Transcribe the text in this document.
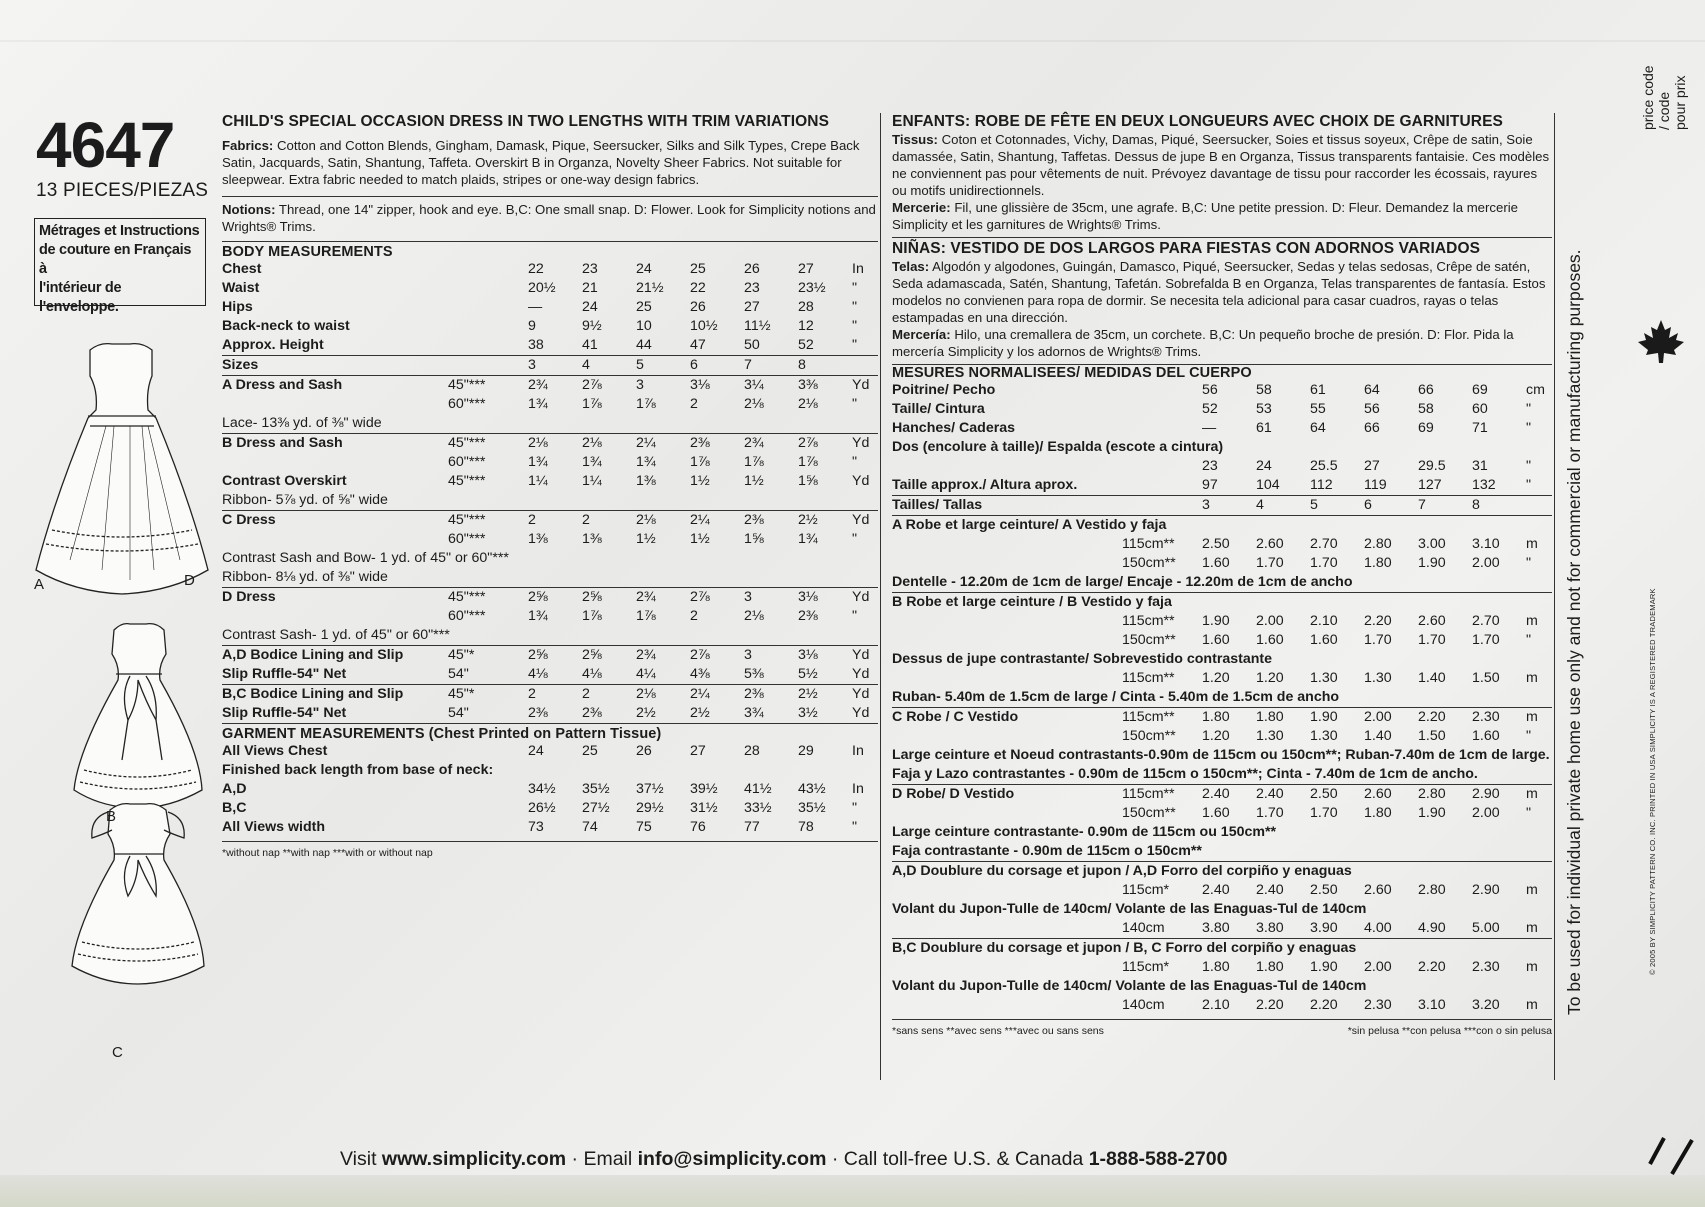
4647
13 PIECES/PIEZAS
Métrages et Instructions
de couture en Français à
l'intérieur de
l'enveloppe.
A	D
B
C
CHILD'S SPECIAL OCCASION DRESS IN TWO LENGTHS WITH TRIM VARIATIONS
Fabrics: Cotton and Cotton Blends, Gingham, Damask, Pique, Seersucker, Silks and Silk Types, Crepe Back Satin, Jacquards, Satin, Shantung, Taffeta. Overskirt B in Organza, Novelty Sheer Fabrics. Not suitable for sleepwear. Extra fabric needed to match plaids, stripes or one-way design fabrics.
Notions: Thread, one 14" zipper, hook and eye. B,C: One small snap. D: Flower. Look for Simplicity notions and Wrights® Trims.
BODY MEASUREMENTS
Chest		22	23	24	25	26	27	In
Waist		20½	21	21½	22	23	23½	"
Hips		—	24	25	26	27	28	"
Back-neck to waist		9	9½	10	10½	11½	12	"
Approx. Height		38	41	44	47	50	52	"
Sizes		3	4	5	6	7	8	
A Dress and Sash	45"***	2¾	2⅞	3	3⅛	3¼	3⅜	Yd
	60"***	1¾	1⅞	1⅞	2	2⅛	2⅛	"
Lace- 13⅜ yd. of ⅜" wide								
B Dress and Sash	45"***	2⅛	2⅛	2¼	2⅜	2¾	2⅞	Yd
	60"***	1¾	1¾	1¾	1⅞	1⅞	1⅞	"
Contrast Overskirt	45"***	1¼	1¼	1⅜	1½	1½	1⅝	Yd
Ribbon- 5⅞ yd. of ⅝" wide								
C Dress	45"***	2	2	2⅛	2¼	2⅜	2½	Yd
	60"***	1⅜	1⅜	1½	1½	1⅝	1¾	"
Contrast Sash and Bow- 1 yd. of 45" or 60"***								
Ribbon- 8⅛ yd. of ⅜" wide								
D Dress	45"***	2⅝	2⅝	2¾	2⅞	3	3⅛	Yd
	60"***	1¾	1⅞	1⅞	2	2⅛	2⅜	"
Contrast Sash- 1 yd. of 45" or 60"***								
A,D Bodice Lining and Slip	45"*	2⅝	2⅝	2¾	2⅞	3	3⅛	Yd
Slip Ruffle-54" Net	54"	4⅛	4⅛	4¼	4⅜	5⅜	5½	Yd
B,C Bodice Lining and Slip	45"*	2	2	2⅛	2¼	2⅜	2½	Yd
Slip Ruffle-54" Net	54"	2⅜	2⅜	2½	2½	3¾	3½	Yd
GARMENT MEASUREMENTS (Chest Printed on Pattern Tissue)
All Views Chest		24	25	26	27	28	29	In
Finished back length from base of neck:								
A,D		34½	35½	37½	39½	41½	43½	In
B,C		26½	27½	29½	31½	33½	35½	"
All Views width		73	74	75	76	77	78	"
*without nap **with nap ***with or without nap
ENFANTS: ROBE DE FÊTE EN DEUX LONGUEURS AVEC CHOIX DE GARNITURES
Tissus: Coton et Cotonnades, Vichy, Damas, Piqué, Seersucker, Soies et tissus soyeux, Crêpe de satin, Soie damassée, Satin, Shantung, Taffetas. Dessus de jupe B en Organza, Tissus transparents fantaisie. Ces modèles ne conviennent pas pour vêtements de nuit. Prévoyez davantage de tissu pour raccorder les écossais, rayures ou motifs unidirectionnels.
Mercerie: Fil, une glissière de 35cm, une agrafe. B,C: Une petite pression. D: Fleur. Demandez la mercerie Simplicity et les garnitures de Wrights® Trims.
NIÑAS: VESTIDO DE DOS LARGOS PARA FIESTAS CON ADORNOS VARIADOS
Telas: Algodón y algodones, Guingán, Damasco, Piqué, Seersucker, Sedas y telas sedosas, Crêpe de satén, Seda adamascada, Satén, Shantung, Tafetán. Sobrefalda B en Organza, Telas transparentes de fantasía. Estos modelos no convienen para ropa de dormir. Se necesita tela adicional para casar cuadros, rayas o telas estampadas en una dirección.
Mercería: Hilo, una cremallera de 35cm, un corchete. B,C: Un pequeño broche de presión. D: Flor. Pida la mercería Simplicity y los adornos de Wrights® Trims.
MESURES NORMALISEES/ MEDIDAS DEL CUERPO
Poitrine/ Pecho		56	58	61	64	66	69	cm
Taille/ Cintura		52	53	55	56	58	60	"
Hanches/ Caderas		—	61	64	66	69	71	"
Dos (encolure à taille)/ Espalda (escote a cintura)								
		23	24	25.5	27	29.5	31	"
Taille approx./ Altura aprox.		97	104	112	119	127	132	"
Tailles/ Tallas		3	4	5	6	7	8	
A Robe et large ceinture/ A Vestido y faja								
	115cm**	2.50	2.60	2.70	2.80	3.00	3.10	m
	150cm**	1.60	1.70	1.70	1.80	1.90	2.00	"
Dentelle - 12.20m de 1cm de large/ Encaje - 12.20m de 1cm de ancho								
B Robe et large ceinture / B Vestido y faja								
	115cm**	1.90	2.00	2.10	2.20	2.60	2.70	m
	150cm**	1.60	1.60	1.60	1.70	1.70	1.70	"
Dessus de jupe contrastante/ Sobrevestido contrastante								
	115cm**	1.20	1.20	1.30	1.30	1.40	1.50	m
Ruban- 5.40m de 1.5cm de large / Cinta - 5.40m de 1.5cm de ancho								
C Robe / C Vestido	115cm**	1.80	1.80	1.90	2.00	2.20	2.30	m
	150cm**	1.20	1.30	1.30	1.40	1.50	1.60	"
Large ceinture et Noeud contrastants-0.90m de 115cm ou 150cm**; Ruban-7.40m de 1cm de large.								
Faja y Lazo contrastantes - 0.90m de 115cm o 150cm**; Cinta - 7.40m de 1cm de ancho.								
D Robe/ D Vestido	115cm**	2.40	2.40	2.50	2.60	2.80	2.90	m
	150cm**	1.60	1.70	1.70	1.80	1.90	2.00	"
Large ceinture contrastante- 0.90m de 115cm ou 150cm**								
Faja contrastante - 0.90m de 115cm o 150cm**								
A,D Doublure du corsage et jupon / A,D Forro del corpiño y enaguas								
	115cm*	2.40	2.40	2.50	2.60	2.80	2.90	m
Volant du Jupon-Tulle de 140cm/ Volante de las Enaguas-Tul de 140cm								
	140cm	3.80	3.80	3.90	4.00	4.90	5.00	m
B,C Doublure du corsage et jupon / B, C Forro del corpiño y enaguas								
	115cm*	1.80	1.80	1.90	2.00	2.20	2.30	m
Volant du Jupon-Tulle de 140cm/ Volante de las Enaguas-Tul de 140cm								
	140cm	2.10	2.20	2.20	2.30	3.10	3.20	m
*sans sens **avec sens ***avec ou sans sens	*sin pelusa **con pelusa ***con o sin pelusa
price code / code pour prix
© 2005 BY SIMPLICITY PATTERN CO. INC. PRINTED IN USA SIMPLICITY IS A REGISTERED TRADEMARK
Visit www.simplicity.com · Email info@simplicity.com · Call toll-free U.S. & Canada 1-888-588-2700
